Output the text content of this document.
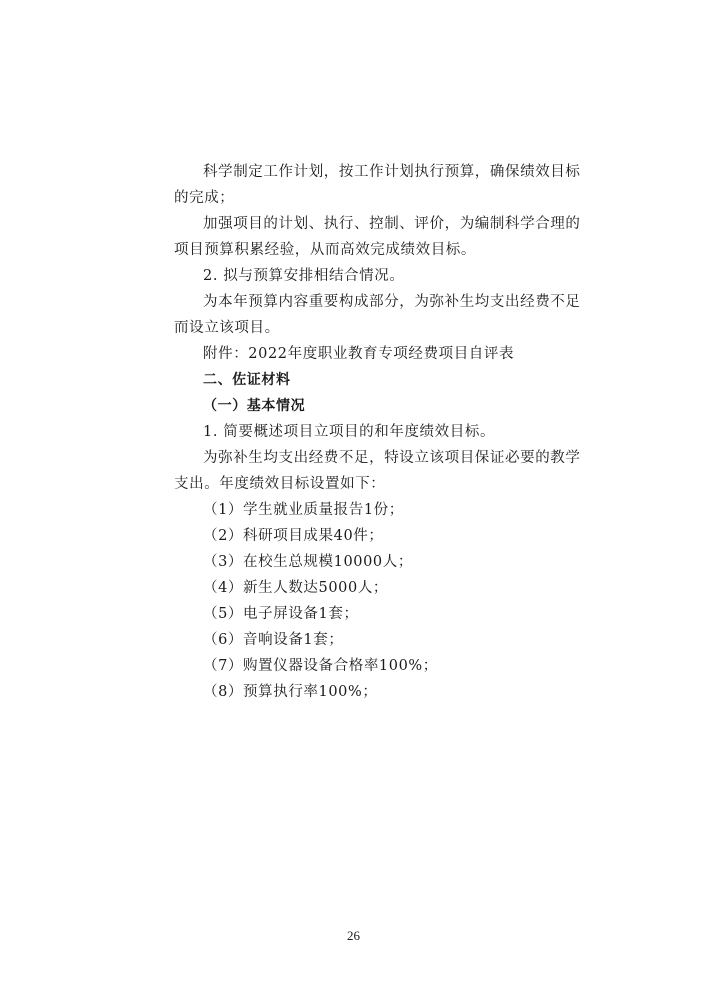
科学制定工作计划，按工作计划执行预算，确保绩效目标
的完成；
加强项目的计划、执行、控制、评价，为编制科学合理的
项目预算积累经验，从而高效完成绩效目标。
2. 拟与预算安排相结合情况。
为本年预算内容重要构成部分，为弥补生均支出经费不足
而设立该项目。
附件：2022年度职业教育专项经费项目自评表
二、佐证材料
（一）基本情况
1. 简要概述项目立项目的和年度绩效目标。
为弥补生均支出经费不足，特设立该项目保证必要的教学
支出。年度绩效目标设置如下：
（1）学生就业质量报告1份；
（2）科研项目成果40件；
（3）在校生总规模10000人；
（4）新生人数达5000人；
（5）电子屏设备1套；
（6）音响设备1套；
（7）购置仪器设备合格率100%；
（8）预算执行率100%；
26
